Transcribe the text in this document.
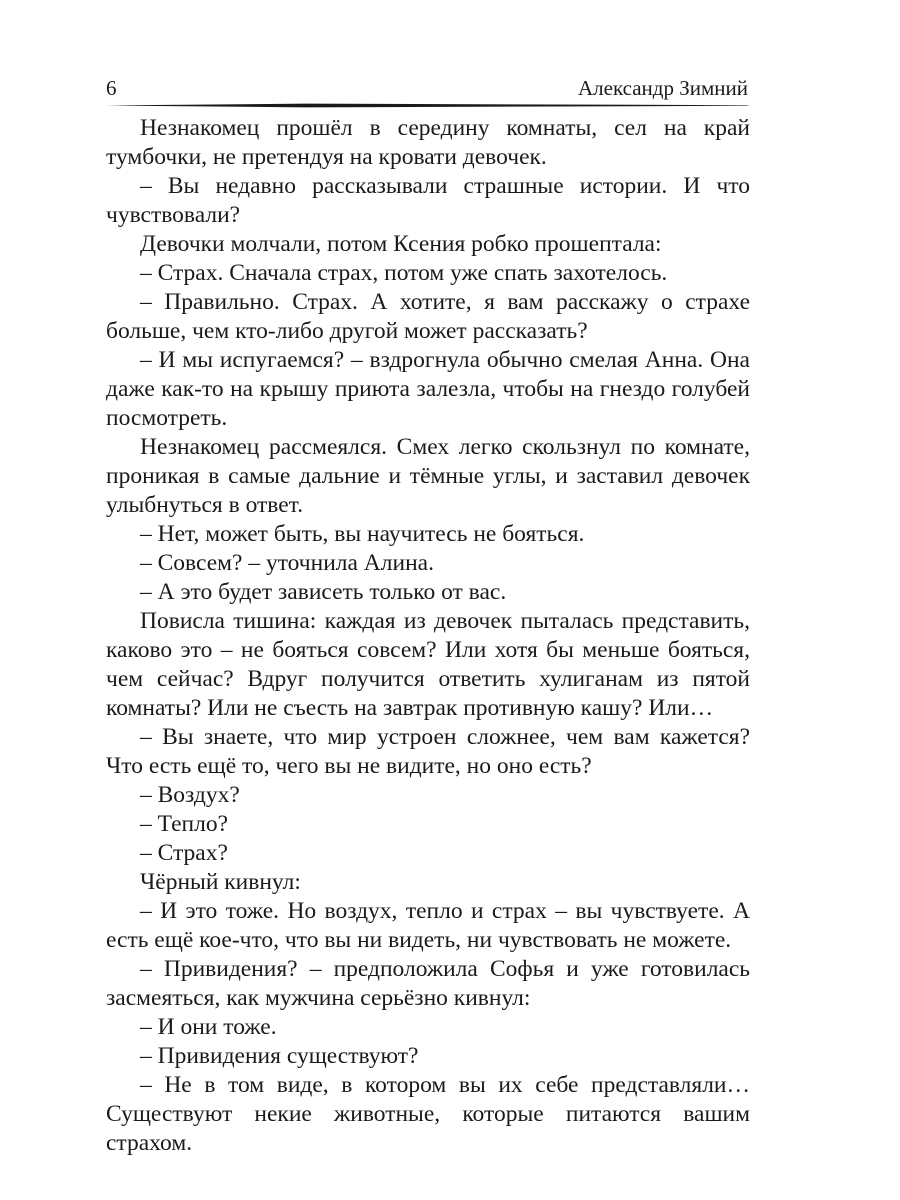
6	Александр Зимний

Незнакомец прошёл в середину комнаты, сел на край тумбочки, не претендуя на кровати девочек.

– Вы недавно рассказывали страшные истории. И что чувствовали?

Девочки молчали, потом Ксения робко прошептала:

– Страх. Сначала страх, потом уже спать захотелось.

– Правильно. Страх. А хотите, я вам расскажу о страхе больше, чем кто-либо другой может рассказать?

– И мы испугаемся? – вздрогнула обычно смелая Анна. Она даже как-то на крышу приюта залезла, чтобы на гнездо голубей посмотреть.

Незнакомец рассмеялся. Смех легко скользнул по комнате, проникая в самые дальние и тёмные углы, и заставил девочек улыбнуться в ответ.

– Нет, может быть, вы научитесь не бояться.

– Совсем? – уточнила Алина.

– А это будет зависеть только от вас.

Повисла тишина: каждая из девочек пыталась представить, каково это – не бояться совсем? Или хотя бы меньше бояться, чем сейчас? Вдруг получится ответить хулиганам из пятой комнаты? Или не съесть на завтрак противную кашу? Или…

– Вы знаете, что мир устроен сложнее, чем вам кажется? Что есть ещё то, чего вы не видите, но оно есть?

– Воздух?

– Тепло?

– Страх?

Чёрный кивнул:

– И это тоже. Но воздух, тепло и страх – вы чувствуете. А есть ещё кое-что, что вы ни видеть, ни чувствовать не можете.

– Привидения? – предположила Софья и уже готовилась засмеяться, как мужчина серьёзно кивнул:

– И они тоже.

– Привидения существуют?

– Не в том виде, в котором вы их себе представляли… Существуют некие животные, которые питаются вашим страхом.
